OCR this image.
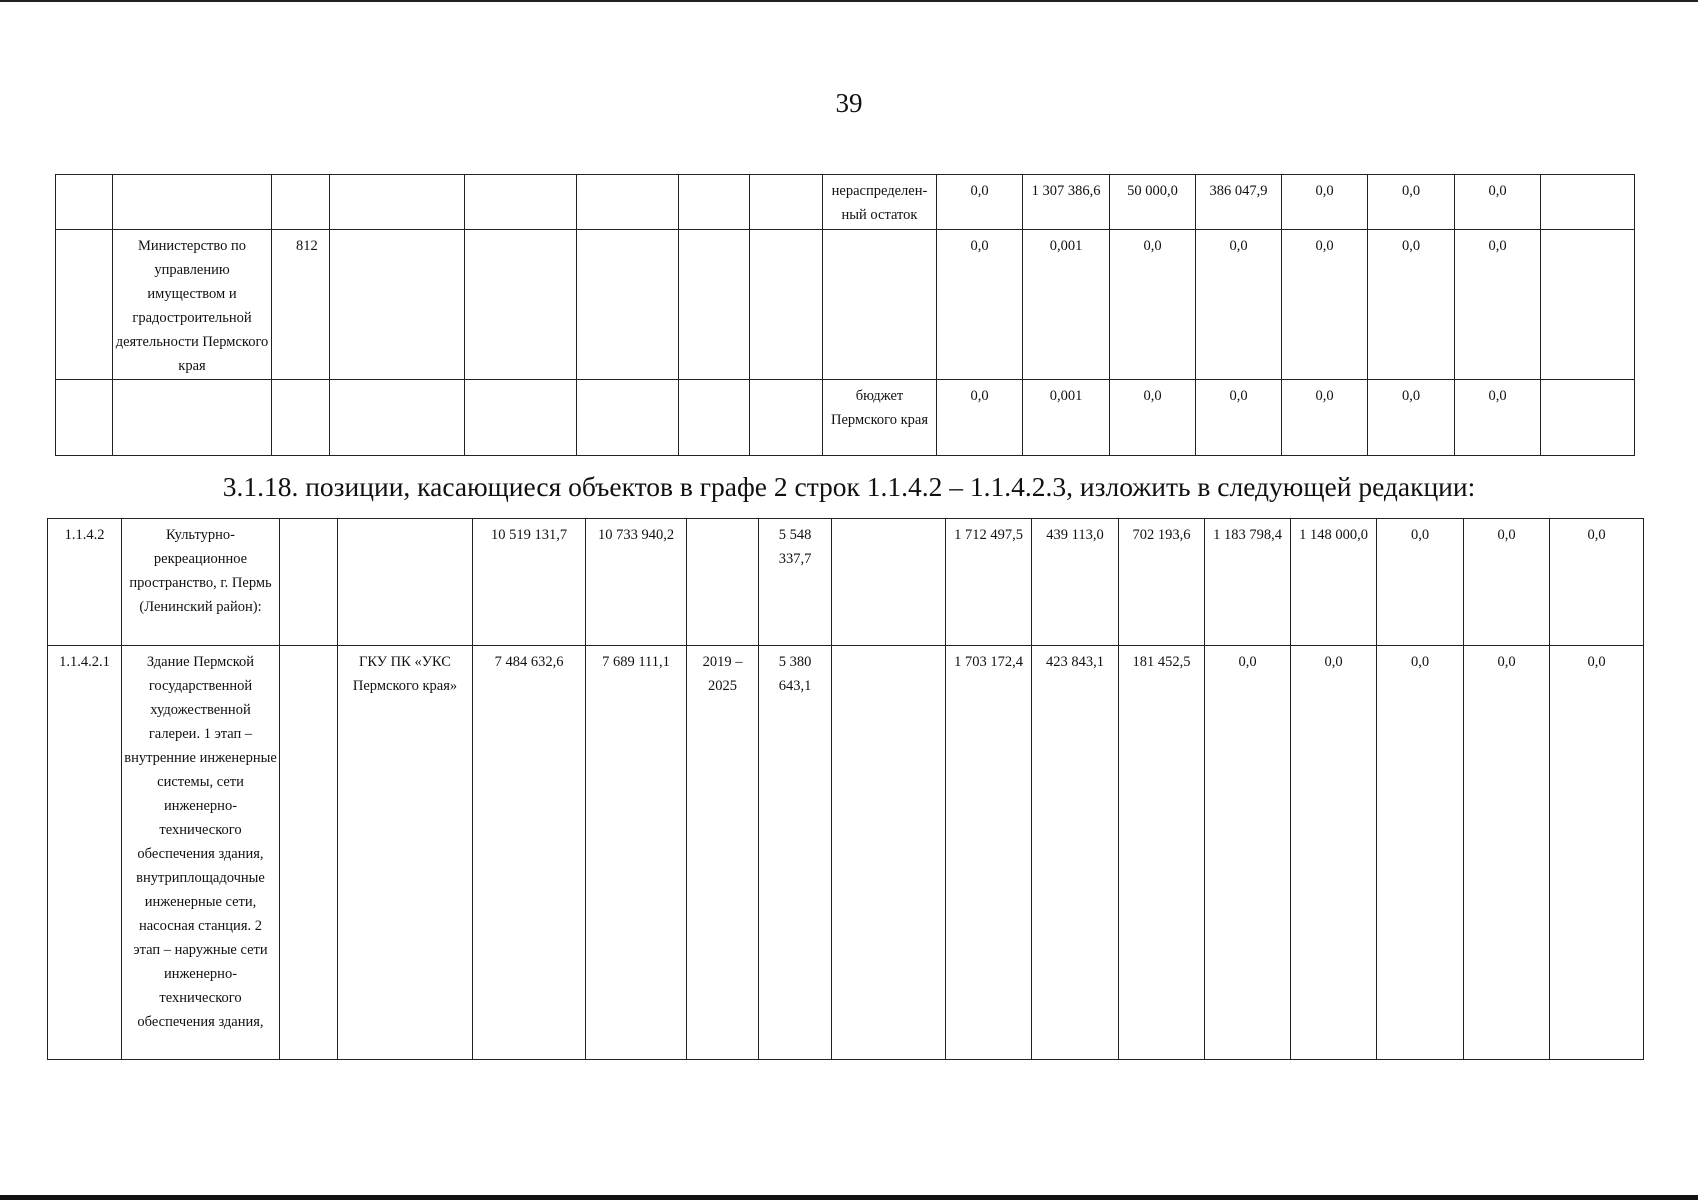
39
								нераспределен-ный остаток	0,0	1 307 386,6	50 000,0	386 047,9	0,0	0,0	0,0	
	Министерство по управлению имуществом и градостроительной деятельности Пермского края	812							0,0	0,001	0,0	0,0	0,0	0,0	0,0	
								бюджет Пермского края	0,0	0,001	0,0	0,0	0,0	0,0	0,0	
3.1.18. позиции, касающиеся объектов в графе 2 строк 1.1.4.2 – 1.1.4.2.3, изложить в следующей редакции:
1.1.4.2	Культурно-рекреационное пространство, г. Пермь (Ленинский район):			10 519 131,7	10 733 940,2		5 548 337,7		1 712 497,5	439 113,0	702 193,6	1 183 798,4	1 148 000,0	0,0	0,0	0,0
1.1.4.2.1	Здание Пермской государственной художественной галереи. 1 этап – внутренние инженерные системы, сети инженерно-технического обеспечения здания, внутриплощадочные инженерные сети, насосная станция. 2 этап – наружные сети инженерно-технического обеспечения здания,		ГКУ ПК «УКС Пермского края»	7 484 632,6	7 689 111,1	2019 – 2025	5 380 643,1		1 703 172,4	423 843,1	181 452,5	0,0	0,0	0,0	0,0	0,0
